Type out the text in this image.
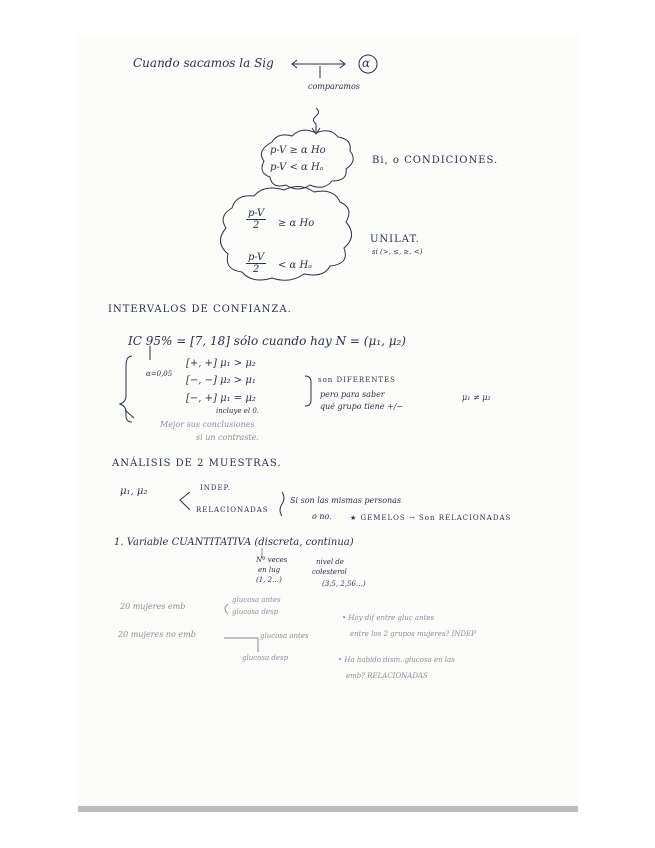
Cuando sacamos la Sig	α
comparamos
p-V ≥ α Ho
p-V < α Hₐ
Bi, o CONDICIONES.
$\frac{p-V}{2} \ge \alpha$ Ho
$\frac{p-V}{2} < \alpha$ Hₐ
UNILAT.
si (>, ≤, ≥, <)
INTERVALOS DE CONFIANZA.
IC 95% = [7, 18] sólo cuando hay N = (μ₁, μ₂)
α=0,05
[+, +] μ₁ > μ₂
[−, −] μ₂ > μ₁
[−, +] μ₁ = μ₂
incluye el 0.
son DIFERENTES
pero para saber
qué grupo tiene +/−
μ₁ ≠ μ₂
Mejor sus conclusiones
si un contraste.
ANÁLISIS DE 2 MUESTRAS.
μ₁, μ₂	INDEP.
RELACIONADAS
Si son las mismas personas
o no.	★ GEMELOS → Son RELACIONADAS
1. Variable CUANTITATIVA (discreta, continua)
Nº veces
en lug
(1, 2…)
nivel de
colesterol
(3,5, 2,56…)
20 mujeres emb
glucosa antes
glucosa desp
20 mujeres no emb	glucosa antes
glucosa desp
• Hay dif entre gluc antes
entre los 2 grupos mujeres? INDEP
• Ha habido dism. glucosa en las
emb? RELACIONADAS
